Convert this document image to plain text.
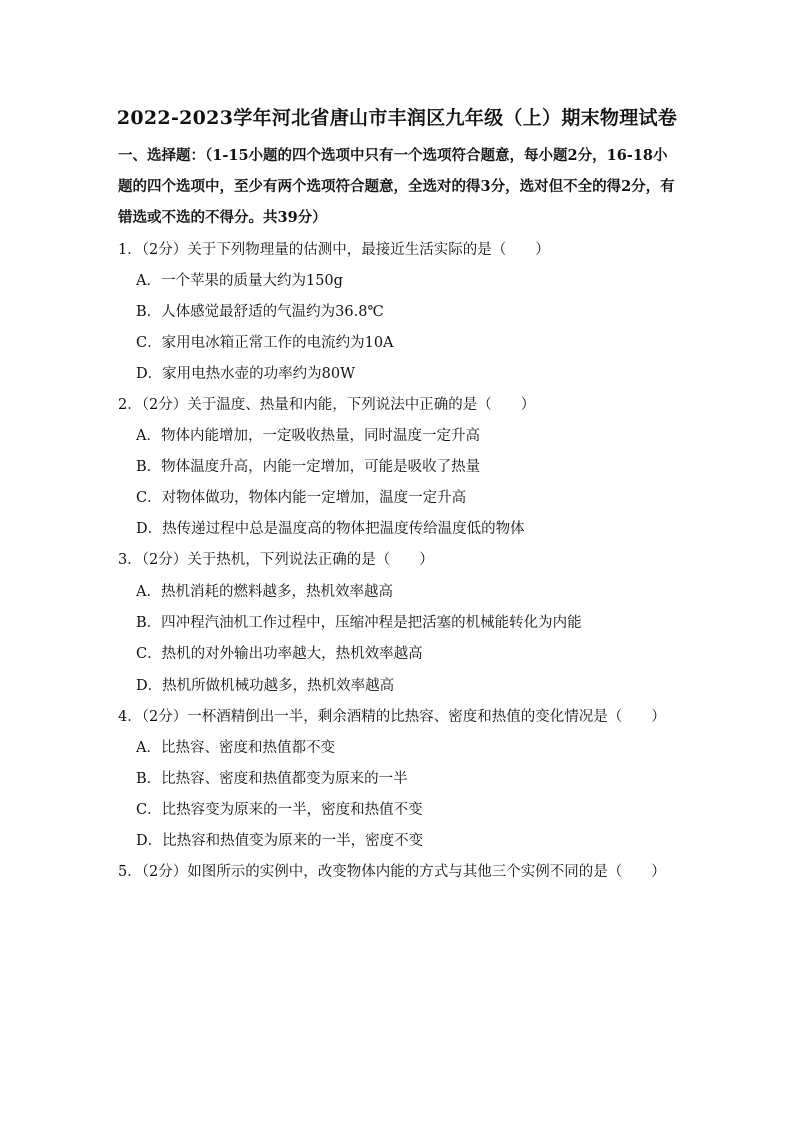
2022-2023学年河北省唐山市丰润区九年级（上）期末物理试卷
一、选择题：（1-15小题的四个选项中只有一个选项符合题意，每小题2分，16-18小题的四个选项中，至少有两个选项符合题意，全选对的得3分，选对但不全的得2分，有错选或不选的不得分。共39分）
1．（2分）关于下列物理量的估测中，最接近生活实际的是（　　）
A．一个苹果的质量大约为150g
B．人体感觉最舒适的气温约为36.8℃
C．家用电冰箱正常工作的电流约为10A
D．家用电热水壶的功率约为80W
2．（2分）关于温度、热量和内能，下列说法中正确的是（　　）
A．物体内能增加，一定吸收热量，同时温度一定升高
B．物体温度升高，内能一定增加，可能是吸收了热量
C．对物体做功，物体内能一定增加，温度一定升高
D．热传递过程中总是温度高的物体把温度传给温度低的物体
3．（2分）关于热机，下列说法正确的是（　　）
A．热机消耗的燃料越多，热机效率越高
B．四冲程汽油机工作过程中，压缩冲程是把活塞的机械能转化为内能
C．热机的对外输出功率越大，热机效率越高
D．热机所做机械功越多，热机效率越高
4．（2分）一杯酒精倒出一半，剩余酒精的比热容、密度和热值的变化情况是（　　）
A．比热容、密度和热值都不变
B．比热容、密度和热值都变为原来的一半
C．比热容变为原来的一半，密度和热值不变
D．比热容和热值变为原来的一半，密度不变
5．（2分）如图所示的实例中，改变物体内能的方式与其他三个实例不同的是（　　）
